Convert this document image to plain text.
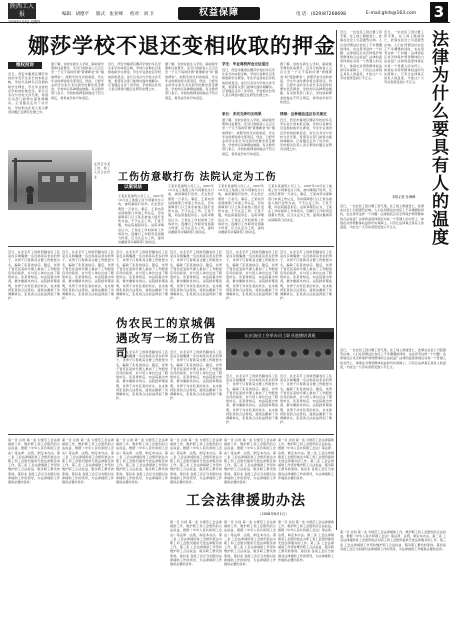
陕西工人报	编辑：胡德平 版式：张亚峰 校对：刘 卫	权益保障	电 话：(029)87268698	E-mail:ghrb@163.com 3
娜莎学校不退还变相收取的押金
维权投诉
近日，西安市雁塔区娜莎学校的多名学生家长向本报反映，学校以各种名目变相收取学生押金，学生毕业离校后学校却拒绝退还。家长们多次与学校交涉无果，希望有关部门能够出面协调解决。记者随后走访了该学校，学校相关负责人表示押金问题正在研究处理之中。
据了解，该校在新生入学时，除收取学费和住宿费外，还另行收取每人五百元至一千元不等的所谓“管理押金”和“服装押金”。按照学校当初的承诺，学生毕业时押金将全部退还。然而，已经毕业的学生家长多次到学校要求退还押金，学校却以各种理由推脱。有关教育部门表示，学校收取押金的做法不符合规定，将责成学校尽快退还。
近日，西安市雁塔区娜莎学校的多名学生家长向本报反映，学校以各种名目变相收取学生押金，学生毕业离校后学校却拒绝退还。家长们多次与学校交涉无果，希望有关部门能够出面协调解决。记者随后走访了该学校，学校相关负责人表示押金问题正在研究处理之中。
据了解，该校在新生入学时，除收取学费和住宿费外，还另行收取每人五百元至一千元不等的所谓“管理押金”和“服装押金”。按照学校当初的承诺，学生毕业时押金将全部退还。然而，已经毕业的学生家长多次到学校要求退还押金，学校却以各种理由推脱。有关教育部门表示，学校收取押金的做法不符合规定，将责成学校尽快退还。
学生：毕业离校押金无法退还
近日，西安市雁塔区娜莎学校的多名学生家长向本报反映，学校以各种名目变相收取学生押金，学生毕业离校后学校却拒绝退还。家长们多次与学校交涉无果，希望有关部门能够出面协调解决。记者随后走访了该学校，学校相关负责人表示押金问题正在研究处理之中。
家长：多次交涉均无结果
据了解，该校在新生入学时，除收取学费和住宿费外，还另行收取每人五百元至一千元不等的所谓“管理押金”和“服装押金”。按照学校当初的承诺，学生毕业时押金将全部退还。然而，已经毕业的学生家长多次到学校要求退还押金，学校却以各种理由推脱。有关教育部门表示，学校收取押金的做法不符合规定，将责成学校尽快退还。
律师：这种做法违反有关规定
据了解，该校在新生入学时，除收取学费和住宿费外，还另行收取每人五百元至一千元不等的所谓“管理押金”和“服装押金”。按照学校当初的承诺，学生毕业时押金将全部退还。然而，已经毕业的学生家长多次到学校要求退还押金，学校却以各种理由推脱。有关教育部门表示，学校收取押金的做法不符合规定，将责成学校尽快退还。
近日，西安市雁塔区娜莎学校的多名学生家长向本报反映，学校以各种名目变相收取学生押金，学生毕业离校后学校却拒绝退还。家长们多次与学校交涉无果，希望有关部门能够出面协调解决。记者随后走访了该学校，学校相关负责人表示押金问题正在研究处理之中。
在西安市某工地，施工人员正在作业	工伤仿意歇打伤 法院认定为工伤
以案说法
王某系某建筑公司工人，2007年10月在工地施工时与同事发生口角，被同事殴打致伤，花去医疗费用一万余元。事后，王某向劳动保障部门申请工伤认定，劳动保障部门以王某系被他人殴打受伤为由，不予认定工伤。王某不服，向法院提起诉讼。法院审理后认为，王某在工作时间和工作场所内，因履行工作职责受到暴力伤害，应当认定为工伤，遂判决撤销劳动保障部门的决定。
王某系某建筑公司工人，2007年10月在工地施工时与同事发生口角，被同事殴打致伤，花去医疗费用一万余元。事后，王某向劳动保障部门申请工伤认定，劳动保障部门以王某系被他人殴打受伤为由，不予认定工伤。王某不服，向法院提起诉讼。法院审理后认为，王某在工作时间和工作场所内，因履行工作职责受到暴力伤害，应当认定为工伤，遂判决撤销劳动保障部门的决定。
王某系某建筑公司工人，2007年10月在工地施工时与同事发生口角，被同事殴打致伤，花去医疗费用一万余元。事后，王某向劳动保障部门申请工伤认定，劳动保障部门以王某系被他人殴打受伤为由，不予认定工伤。王某不服，向法院提起诉讼。法院审理后认为，王某在工作时间和工作场所内，因履行工作职责受到暴力伤害，应当认定为工伤，遂判决撤销劳动保障部门的决定。
王某系某建筑公司工人，2007年10月在工地施工时与同事发生口角，被同事殴打致伤，花去医疗费用一万余元。事后，王某向劳动保障部门申请工伤认定，劳动保障部门以王某系被他人殴打受伤为由，不予认定工伤。王某不服，向法院提起诉讼。法院审理后认为，王某在工作时间和工作场所内，因履行工作职责受到暴力伤害，应当认定为工伤，遂判决撤销劳动保障部门的决定。	法律为什么要具有人的温度
近日，一位农民工因讨要工资无果，在工地上跳楼身亡，此事在社会上引起强烈反响。人们在同情这位农民工不幸遭遇的同时，也在思考这样一个问题：法律到底应该怎样保护弱势群体的合法权益？法律的温度体现在对每一个普通人的关怀上，体现在对弱势群体权益的切实保障上。只有让法律真正具有人的温度，才能让广大劳动者感受到公平正义。
近日，一位农民工因讨要工资无果，在工地上跳楼身亡，此事在社会上引起强烈反响。人们在同情这位农民工不幸遭遇的同时，也在思考这样一个问题：法律到底应该怎样保护弱势群体的合法权益？法律的温度体现在对每一个普通人的关怀上，体现在对弱势群体权益的切实保障上。只有让法律真正具有人的温度，才能让广大劳动者感受到公平正义。
本报记者 孙海峰
近日，一位农民工因讨要工资无果，在工地上跳楼身亡，此事在社会上引起强烈反响。人们在同情这位农民工不幸遭遇的同时，也在思考这样一个问题：法律到底应该怎样保护弱势群体的合法权益？法律的温度体现在对每一个普通人的关怀上，体现在对弱势群体权益的切实保障上。只有让法律真正具有人的温度，才能让广大劳动者感受到公平正义。
近日，一位农民工因讨要工资无果，在工地上跳楼身亡，此事在社会上引起强烈反响。人们在同情这位农民工不幸遭遇的同时，也在思考这样一个问题：法律到底应该怎样保护弱势群体的合法权益？法律的温度体现在对每一个普通人的关怀上，体现在对弱势群体权益的切实保障上。只有让法律真正具有人的温度，才能让广大劳动者感受到公平正义。
近日，在北京打工的陕西籍农民工张某在京城偶遇一名自称是其老乡的男子，该男子以帮助其讨要工伤赔偿为名，骗取了张某的信任。随后，该男子冒充张某的代理人参加了工伤赔偿官司的庭审，并与用人单位达成了赔偿协议。张某得知后，向法院提出申请，要求撤销该协议。法院经审理查明，该男子并非张某的老乡，也未取得张某的合法授权，遂依法撤销了该调解协议，张某的合法权益得到了维护。
近日，在北京打工的陕西籍农民工张某在京城偶遇一名自称是其老乡的男子，该男子以帮助其讨要工伤赔偿为名，骗取了张某的信任。随后，该男子冒充张某的代理人参加了工伤赔偿官司的庭审，并与用人单位达成了赔偿协议。张某得知后，向法院提出申请，要求撤销该协议。法院经审理查明，该男子并非张某的老乡，也未取得张某的合法授权，遂依法撤销了该调解协议，张某的合法权益得到了维护。
近日，在北京打工的陕西籍农民工张某在京城偶遇一名自称是其老乡的男子，该男子以帮助其讨要工伤赔偿为名，骗取了张某的信任。随后，该男子冒充张某的代理人参加了工伤赔偿官司的庭审，并与用人单位达成了赔偿协议。张某得知后，向法院提出申请，要求撤销该协议。法院经审理查明，该男子并非张某的老乡，也未取得张某的合法授权，遂依法撤销了该调解协议，张某的合法权益得到了维护。
近日，在北京打工的陕西籍农民工张某在京城偶遇一名自称是其老乡的男子，该男子以帮助其讨要工伤赔偿为名，骗取了张某的信任。随后，该男子冒充张某的代理人参加了工伤赔偿官司的庭审，并与用人单位达成了赔偿协议。张某得知后，向法院提出申请，要求撤销该协议。法院经审理查明，该男子并非张某的老乡，也未取得张某的合法授权，遂依法撤销了该调解协议，张某的合法权益得到了维护。
伪农民工的京城偶遇改写一场工伤官司
近日，在北京打工的陕西籍农民工张某在京城偶遇一名自称是其老乡的男子，该男子以帮助其讨要工伤赔偿为名，骗取了张某的信任。随后，该男子冒充张某的代理人参加了工伤赔偿官司的庭审，并与用人单位达成了赔偿协议。张某得知后，向法院提出申请，要求撤销该协议。法院经审理查明，该男子并非张某的老乡，也未取得张某的合法授权，遂依法撤销了该调解协议，张某的合法权益得到了维护。
近日，在北京打工的陕西籍农民工张某在京城偶遇一名自称是其老乡的男子，该男子以帮助其讨要工伤赔偿为名，骗取了张某的信任。随后，该男子冒充张某的代理人参加了工伤赔偿官司的庭审，并与用人单位达成了赔偿协议。张某得知后，向法院提出申请，要求撤销该协议。法院经审理查明，该男子并非张某的老乡，也未取得张某的合法授权，遂依法撤销了该调解协议，张某的合法权益得到了维护。
近日，在北京打工的陕西籍农民工张某在京城偶遇一名自称是其老乡的男子，该男子以帮助其讨要工伤赔偿为名，骗取了张某的信任。随后，该男子冒充张某的代理人参加了工伤赔偿官司的庭审，并与用人单位达成了赔偿协议。张某得知后，向法院提出申请，要求撤销该协议。法院经审理查明，该男子并非张某的老乡，也未取得张某的合法授权，遂依法撤销了该调解协议，张某的合法权益得到了维护。
近日，在北京打工的陕西籍农民工张某在京城偶遇一名自称是其老乡的男子，该男子以帮助其讨要工伤赔偿为名，骗取了张某的信任。随后，该男子冒充张某的代理人参加了工伤赔偿官司的庭审，并与用人单位达成了赔偿协议。张某得知后，向法院提出申请，要求撤销该协议。法院经审理查明，该男子并非张某的老乡，也未取得张某的合法授权，遂依法撤销了该调解协议，张某的合法权益得到了维护。
长庆油田工会举办员工职业道德培训班
近日，在北京打工的陕西籍农民工张某在京城偶遇一名自称是其老乡的男子，该男子以帮助其讨要工伤赔偿为名，骗取了张某的信任。随后，该男子冒充张某的代理人参加了工伤赔偿官司的庭审，并与用人单位达成了赔偿协议。张某得知后，向法院提出申请，要求撤销该协议。法院经审理查明，该男子并非张某的老乡，也未取得张某的合法授权，遂依法撤销了该调解协议，张某的合法权益得到了维护。
近日，在北京打工的陕西籍农民工张某在京城偶遇一名自称是其老乡的男子，该男子以帮助其讨要工伤赔偿为名，骗取了张某的信任。随后，该男子冒充张某的代理人参加了工伤赔偿官司的庭审，并与用人单位达成了赔偿协议。张某得知后，向法院提出申请，要求撤销该协议。法院经审理查明，该男子并非张某的老乡，也未取得张某的合法授权，遂依法撤销了该调解协议，张某的合法权益得到了维护。
第一章 总则 第一条 为规范工会法律援助工作，维护职工和工会组织的合法权益，根据《中华人民共和国工会法》等法律、法规，制定本办法。第二条 工会法律援助是工会组织依法为职工和工会组织提供无偿法律服务的工作。第三条 工会法律援助工作坚持维护职工合法权益、服务职工群众的原则。第四条 各级工会应当加强对法律援助工作的领导，为法律援助工作提供必要的条件。
第一章 总则 第一条 为规范工会法律援助工作，维护职工和工会组织的合法权益，根据《中华人民共和国工会法》等法律、法规，制定本办法。第二条 工会法律援助是工会组织依法为职工和工会组织提供无偿法律服务的工作。第三条 工会法律援助工作坚持维护职工合法权益、服务职工群众的原则。第四条 各级工会应当加强对法律援助工作的领导，为法律援助工作提供必要的条件。
第一章 总则 第一条 为规范工会法律援助工作，维护职工和工会组织的合法权益，根据《中华人民共和国工会法》等法律、法规，制定本办法。第二条 工会法律援助是工会组织依法为职工和工会组织提供无偿法律服务的工作。第三条 工会法律援助工作坚持维护职工合法权益、服务职工群众的原则。第四条 各级工会应当加强对法律援助工作的领导，为法律援助工作提供必要的条件。
第一章 总则 第一条 为规范工会法律援助工作，维护职工和工会组织的合法权益，根据《中华人民共和国工会法》等法律、法规，制定本办法。第二条 工会法律援助是工会组织依法为职工和工会组织提供无偿法律服务的工作。第三条 工会法律援助工作坚持维护职工合法权益、服务职工群众的原则。第四条 各级工会应当加强对法律援助工作的领导，为法律援助工作提供必要的条件。
第一章 总则 第一条 为规范工会法律援助工作，维护职工和工会组织的合法权益，根据《中华人民共和国工会法》等法律、法规，制定本办法。第二条 工会法律援助是工会组织依法为职工和工会组织提供无偿法律服务的工作。第三条 工会法律援助工作坚持维护职工合法权益、服务职工群众的原则。第四条 各级工会应当加强对法律援助工作的领导，为法律援助工作提供必要的条件。
第一章 总则 第一条 为规范工会法律援助工作，维护职工和工会组织的合法权益，根据《中华人民共和国工会法》等法律、法规，制定本办法。第二条 工会法律援助是工会组织依法为职工和工会组织提供无偿法律服务的工作。第三条 工会法律援助工作坚持维护职工合法权益、服务职工群众的原则。第四条 各级工会应当加强对法律援助工作的领导，为法律援助工作提供必要的条件。
工会法律援助办法
（2008年8月1日）
第一章 总则 第一条 为规范工会法律援助工作，维护职工和工会组织的合法权益，根据《中华人民共和国工会法》等法律、法规，制定本办法。第二条 工会法律援助是工会组织依法为职工和工会组织提供无偿法律服务的工作。第三条 工会法律援助工作坚持维护职工合法权益、服务职工群众的原则。第四条 各级工会应当加强对法律援助工作的领导，为法律援助工作提供必要的条件。
第一章 总则 第一条 为规范工会法律援助工作，维护职工和工会组织的合法权益，根据《中华人民共和国工会法》等法律、法规，制定本办法。第二条 工会法律援助是工会组织依法为职工和工会组织提供无偿法律服务的工作。第三条 工会法律援助工作坚持维护职工合法权益、服务职工群众的原则。第四条 各级工会应当加强对法律援助工作的领导，为法律援助工作提供必要的条件。
第一章 总则 第一条 为规范工会法律援助工作，维护职工和工会组织的合法权益，根据《中华人民共和国工会法》等法律、法规，制定本办法。第二条 工会法律援助是工会组织依法为职工和工会组织提供无偿法律服务的工作。第三条 工会法律援助工作坚持维护职工合法权益、服务职工群众的原则。第四条 各级工会应当加强对法律援助工作的领导，为法律援助工作提供必要的条件。
第一章 总则 第一条 为规范工会法律援助工作，维护职工和工会组织的合法权益，根据《中华人民共和国工会法》等法律、法规，制定本办法。第二条 工会法律援助是工会组织依法为职工和工会组织提供无偿法律服务的工作。第三条 工会法律援助工作坚持维护职工合法权益、服务职工群众的原则。第四条 各级工会应当加强对法律援助工作的领导，为法律援助工作提供必要的条件。
